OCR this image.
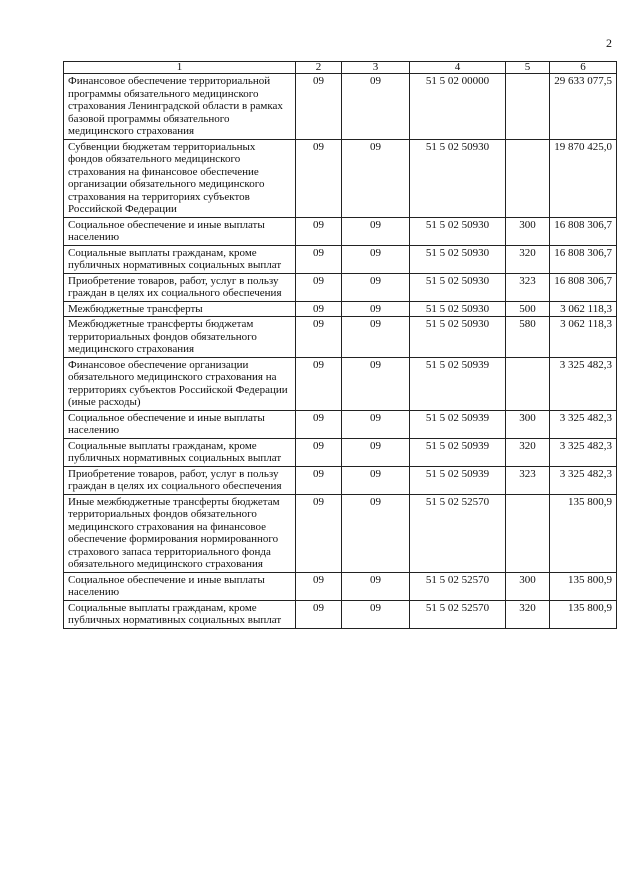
2
1	2	3	4	5	6
Финансовое обеспечение территориальной программы обязательного медицинского страхования Ленинградской области в рамках базовой программы обязательного медицинского страхования	09	09	51 5 02 00000		29 633 077,5
Субвенции бюджетам территориальных фондов обязательного медицинского страхования на финансовое обеспечение организации обязательного медицинского страхования на территориях субъектов Российской Федерации	09	09	51 5 02 50930		19 870 425,0
Социальное обеспечение и иные выплаты населению	09	09	51 5 02 50930	300	16 808 306,7
Социальные выплаты гражданам, кроме публичных нормативных социальных выплат	09	09	51 5 02 50930	320	16 808 306,7
Приобретение товаров, работ, услуг в пользу граждан в целях их социального обеспечения	09	09	51 5 02 50930	323	16 808 306,7
Межбюджетные трансферты	09	09	51 5 02 50930	500	3 062 118,3
Межбюджетные трансферты бюджетам территориальных фондов обязательного медицинского страхования	09	09	51 5 02 50930	580	3 062 118,3
Финансовое обеспечение организации обязательного медицинского страхования на территориях субъектов Российской Федерации (иные расходы)	09	09	51 5 02 50939		3 325 482,3
Социальное обеспечение и иные выплаты населению	09	09	51 5 02 50939	300	3 325 482,3
Социальные выплаты гражданам, кроме публичных нормативных социальных выплат	09	09	51 5 02 50939	320	3 325 482,3
Приобретение товаров, работ, услуг в пользу граждан в целях их социального обеспечения	09	09	51 5 02 50939	323	3 325 482,3
Иные межбюджетные трансферты бюджетам территориальных фондов обязательного медицинского страхования на финансовое обеспечение формирования нормированного страхового запаса территориального фонда обязательного медицинского страхования	09	09	51 5 02 52570		135 800,9
Социальное обеспечение и иные выплаты населению	09	09	51 5 02 52570	300	135 800,9
Социальные выплаты гражданам, кроме публичных нормативных социальных выплат	09	09	51 5 02 52570	320	135 800,9
